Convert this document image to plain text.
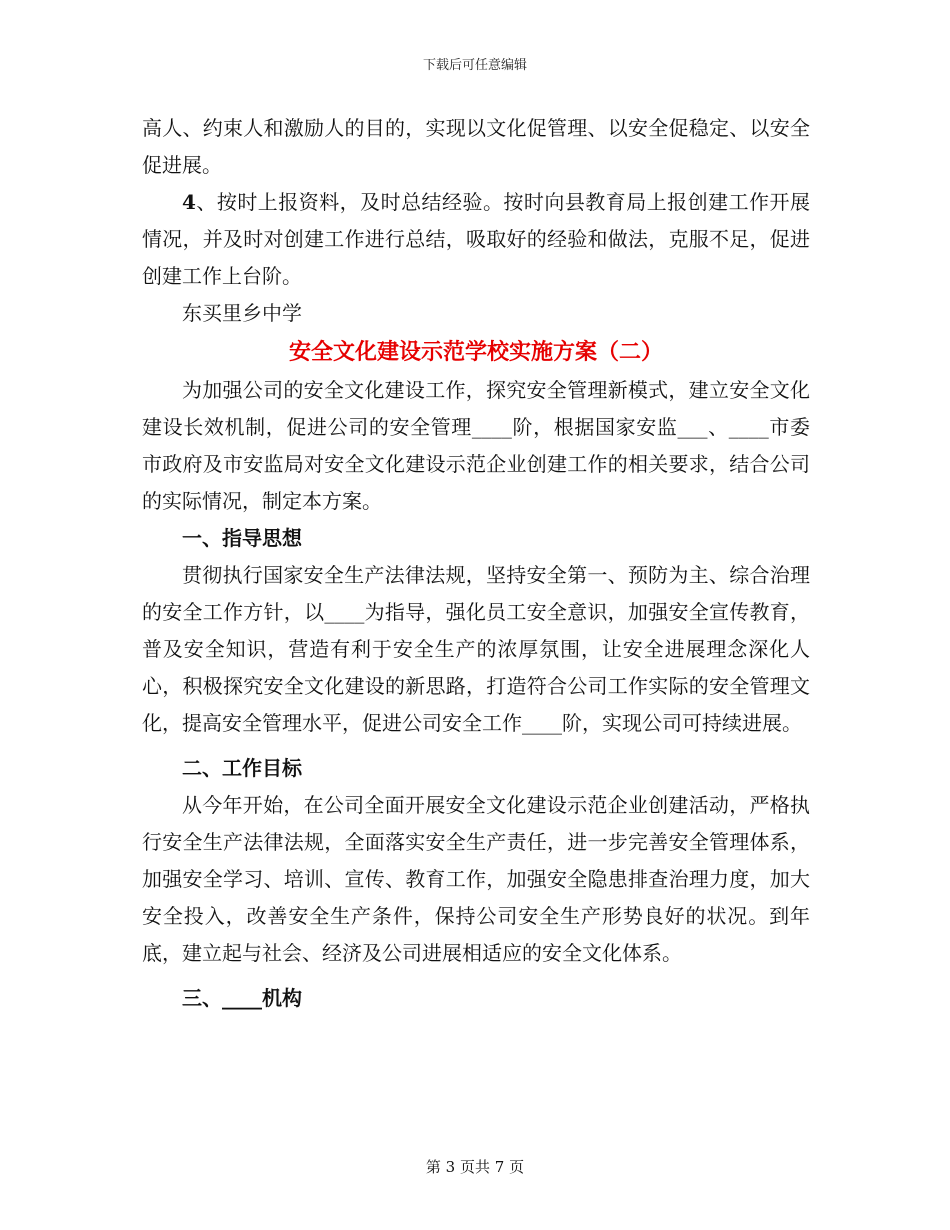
下载后可任意编辑

高人、约束人和激励人的目的，实现以文化促管理、以安全促稳定、以安全促进展。

4、按时上报资料，及时总结经验。按时向县教育局上报创建工作开展情况，并及时对创建工作进行总结，吸取好的经验和做法，克服不足，促进创建工作上台阶。

东买里乡中学

安全文化建设示范学校实施方案（二）

为加强公司的安全文化建设工作，探究安全管理新模式，建立安全文化建设长效机制，促进公司的安全管理____阶，根据国家安监___、____市委市政府及市安监局对安全文化建设示范企业创建工作的相关要求，结合公司的实际情况，制定本方案。

一、指导思想

贯彻执行国家安全生产法律法规，坚持安全第一、预防为主、综合治理的安全工作方针，以____为指导，强化员工安全意识，加强安全宣传教育，普及安全知识，营造有利于安全生产的浓厚氛围，让安全进展理念深化人心，积极探究安全文化建设的新思路，打造符合公司工作实际的安全管理文化，提高安全管理水平，促进公司安全工作____阶，实现公司可持续进展。

二、工作目标

从今年开始，在公司全面开展安全文化建设示范企业创建活动，严格执行安全生产法律法规，全面落实安全生产责任，进一步完善安全管理体系，加强安全学习、培训、宣传、教育工作，加强安全隐患排查治理力度，加大安全投入，改善安全生产条件，保持公司安全生产形势良好的状况。到年底，建立起与社会、经济及公司进展相适应的安全文化体系。

三、____机构
第 3 页共 7 页
